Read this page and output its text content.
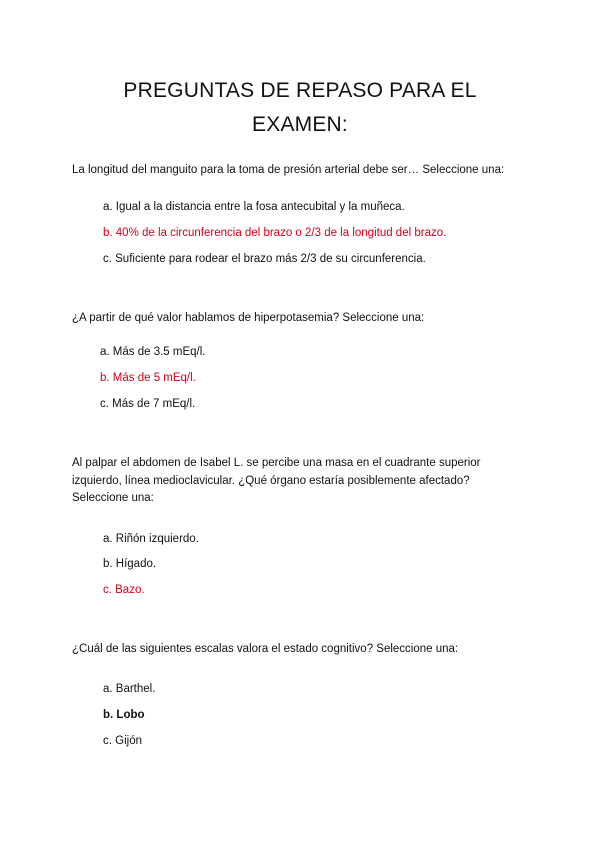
PREGUNTAS DE REPASO PARA EL
EXAMEN:

La longitud del manguito para la toma de presión arterial debe ser… Seleccione una:

a. Igual a la distancia entre la fosa antecubital y la muñeca.

b. 40% de la circunferencia del brazo o 2/3 de la longitud del brazo.

c. Suficiente para rodear el brazo más 2/3 de su circunferencia.

¿A partir de qué valor hablamos de hiperpotasemia? Seleccione una:

a. Más de 3.5 mEq/l.

b. Más de 5 mEq/l.

c. Más de 7 mEq/l.

Al palpar el abdomen de Isabel L. se percibe una masa en el cuadrante superior izquierdo, línea medioclavicular. ¿Qué órgano estaría posiblemente afectado? Seleccione una:

a. Riñón izquierdo.

b. Hígado.

c. Bazo.

¿Cuál de las siguientes escalas valora el estado cognitivo? Seleccione una:

a. Barthel.

b. Lobo

c. Gijón
